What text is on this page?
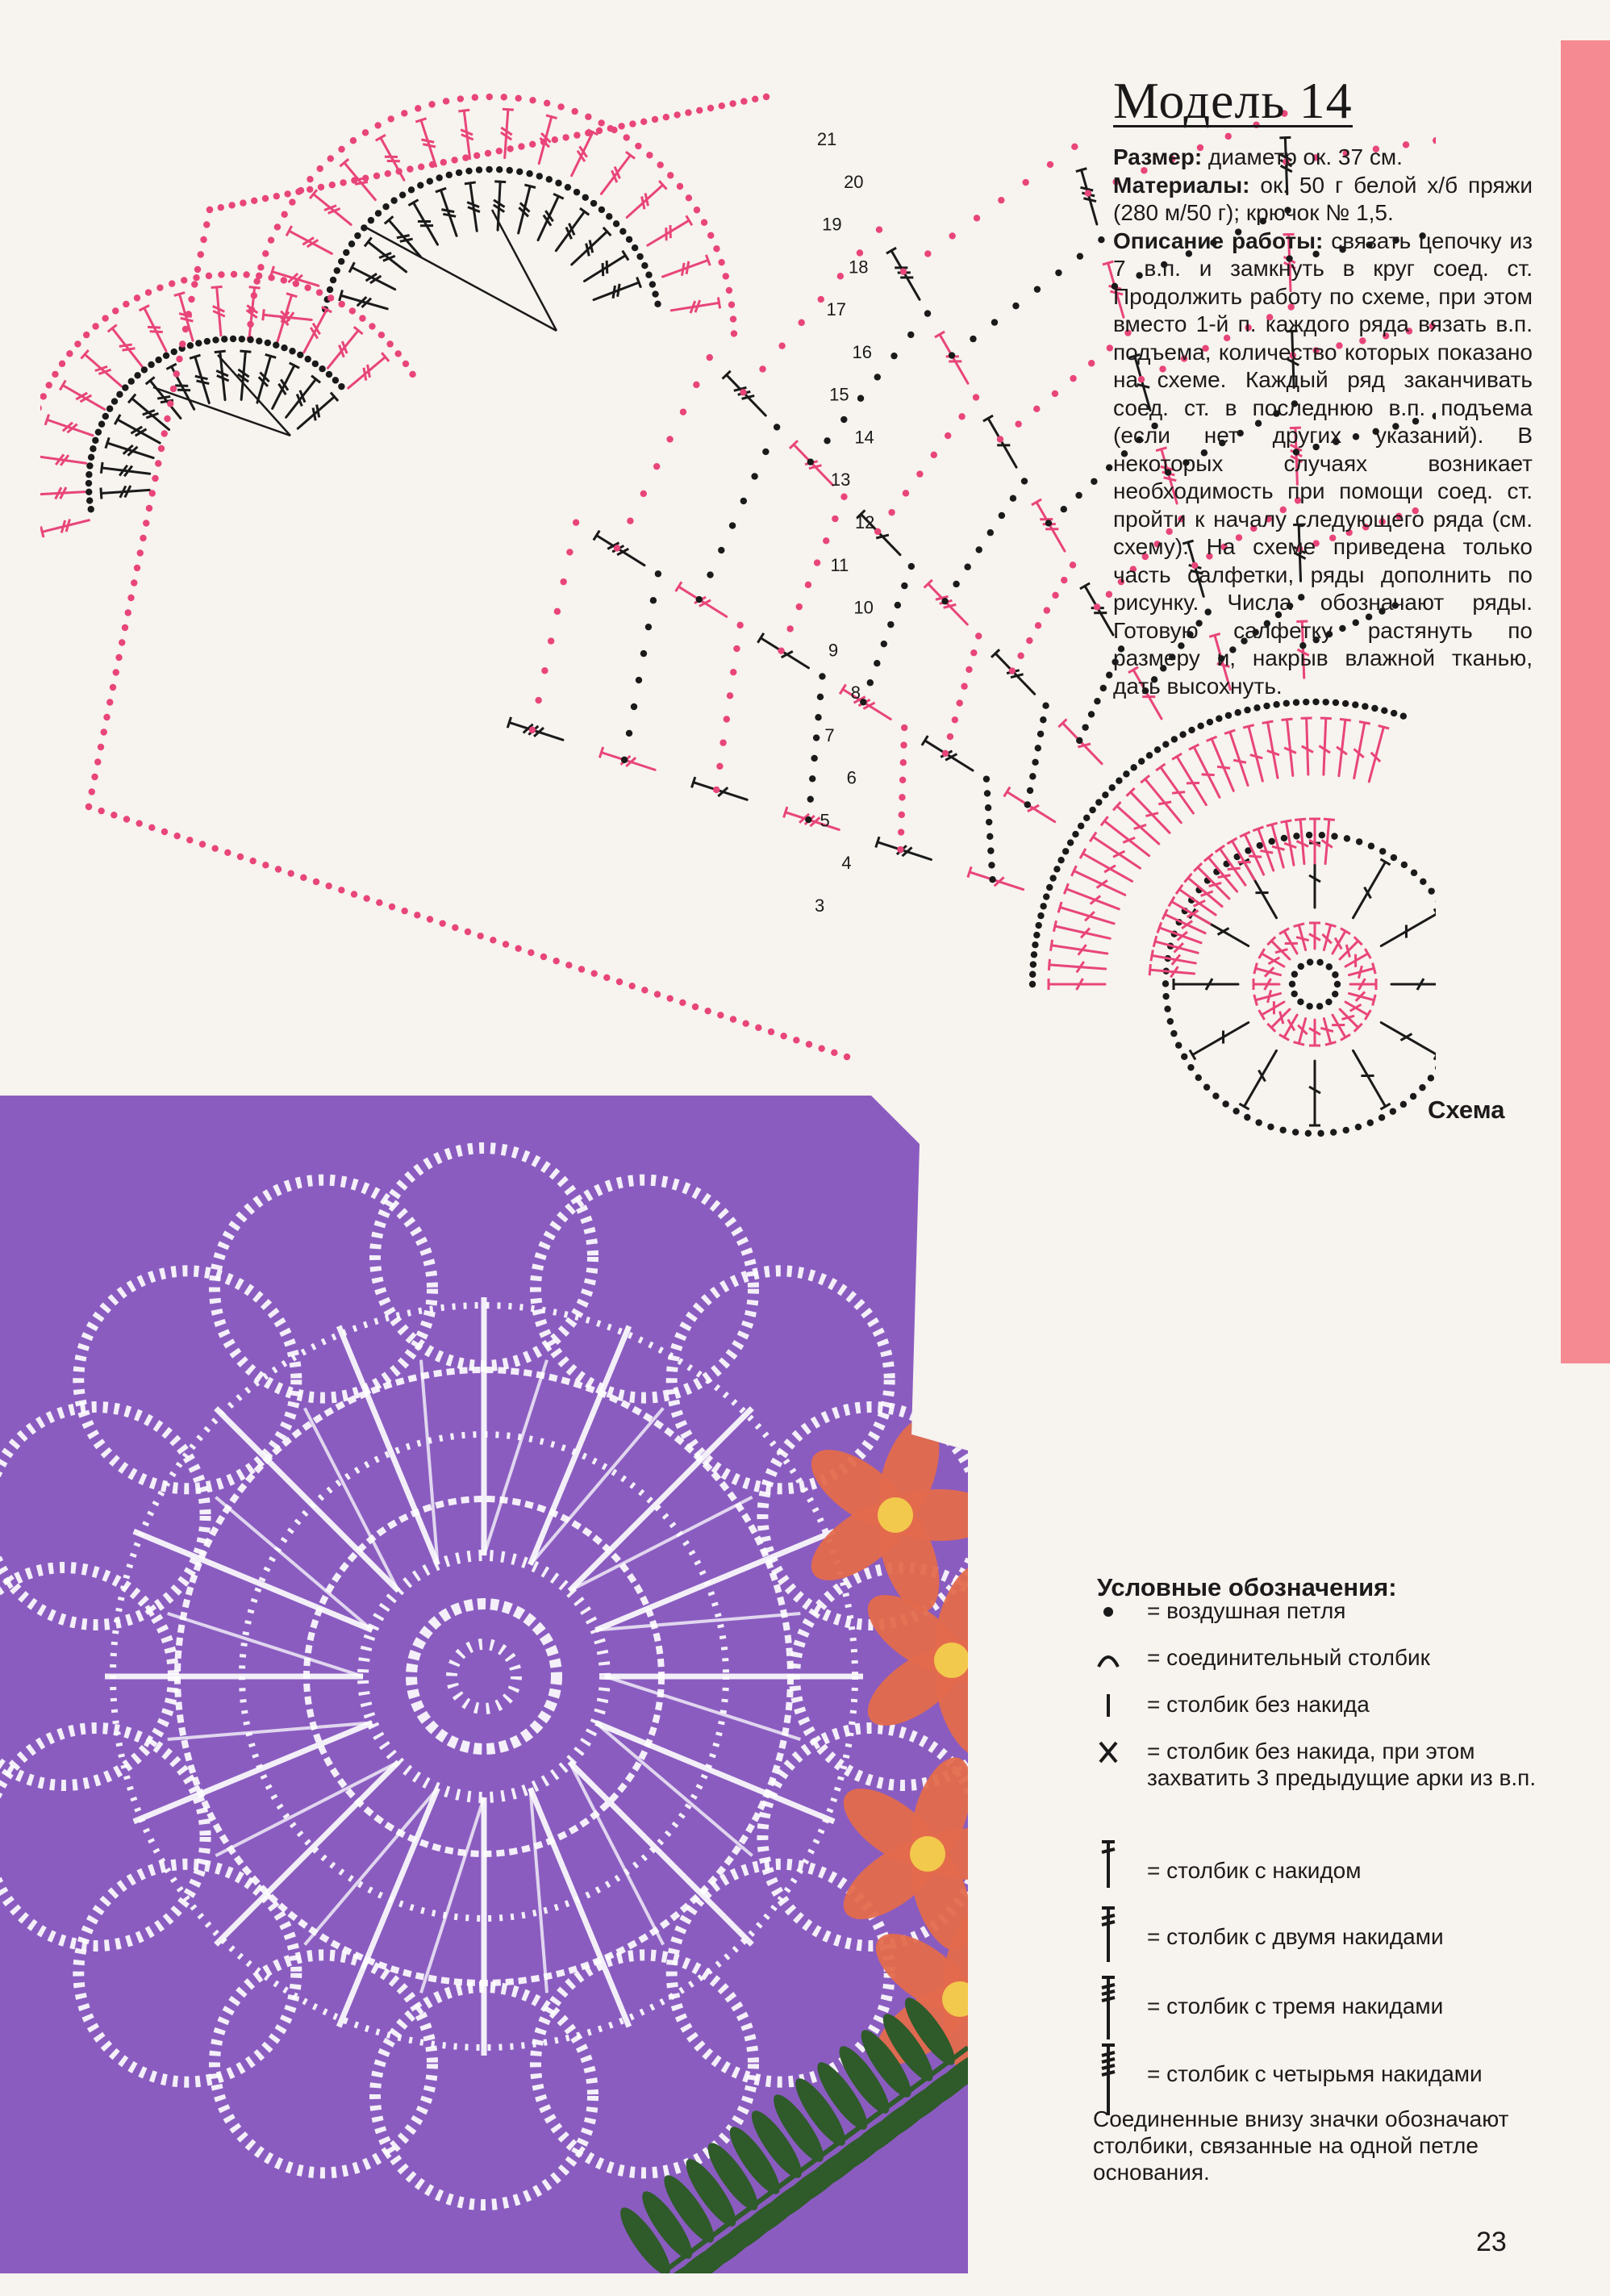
3
4
5
6
7
8
9
10
11
12
13
14
15
16
17
18
19
20
21
Модель 14

Размер: диаметр ок. 37 см.
Материалы: ок. 50 г белой х/б пряжи (280 м/50 г); крючок № 1,5.
Описание работы: связать цепочку из 7 в.п. и замкнуть в круг соед. ст. Продолжить работу по схеме, при этом вместо 1-й п. каждого ряда вязать в.п. подъема, количество которых показано на схеме. Каждый ряд заканчивать соед. ст. в последнюю в.п. подъема (если нет других указаний). В некоторых случаях возникает необходимость при помощи соед. ст. пройти к началу следующего ряда (см. схему). На схеме приведена только часть салфетки, ряды дополнить по рисунку. Числа обозначают ряды. Готовую салфетку растянуть по размеру и, накрыв влажной тканью, дать высохнуть.

Схема
Условные обозначения:
= воздушная петля
= соединительный столбик
= столбик без накида
= столбик без накида, при этом захватить 3 предыдущие арки из в.п.
= столбик с накидом
= столбик с двумя накидами
= столбик с тремя накидами
= столбик с четырьмя накидами

Соединенные внизу значки обозначают столбики, связанные на одной петле основания.

23
